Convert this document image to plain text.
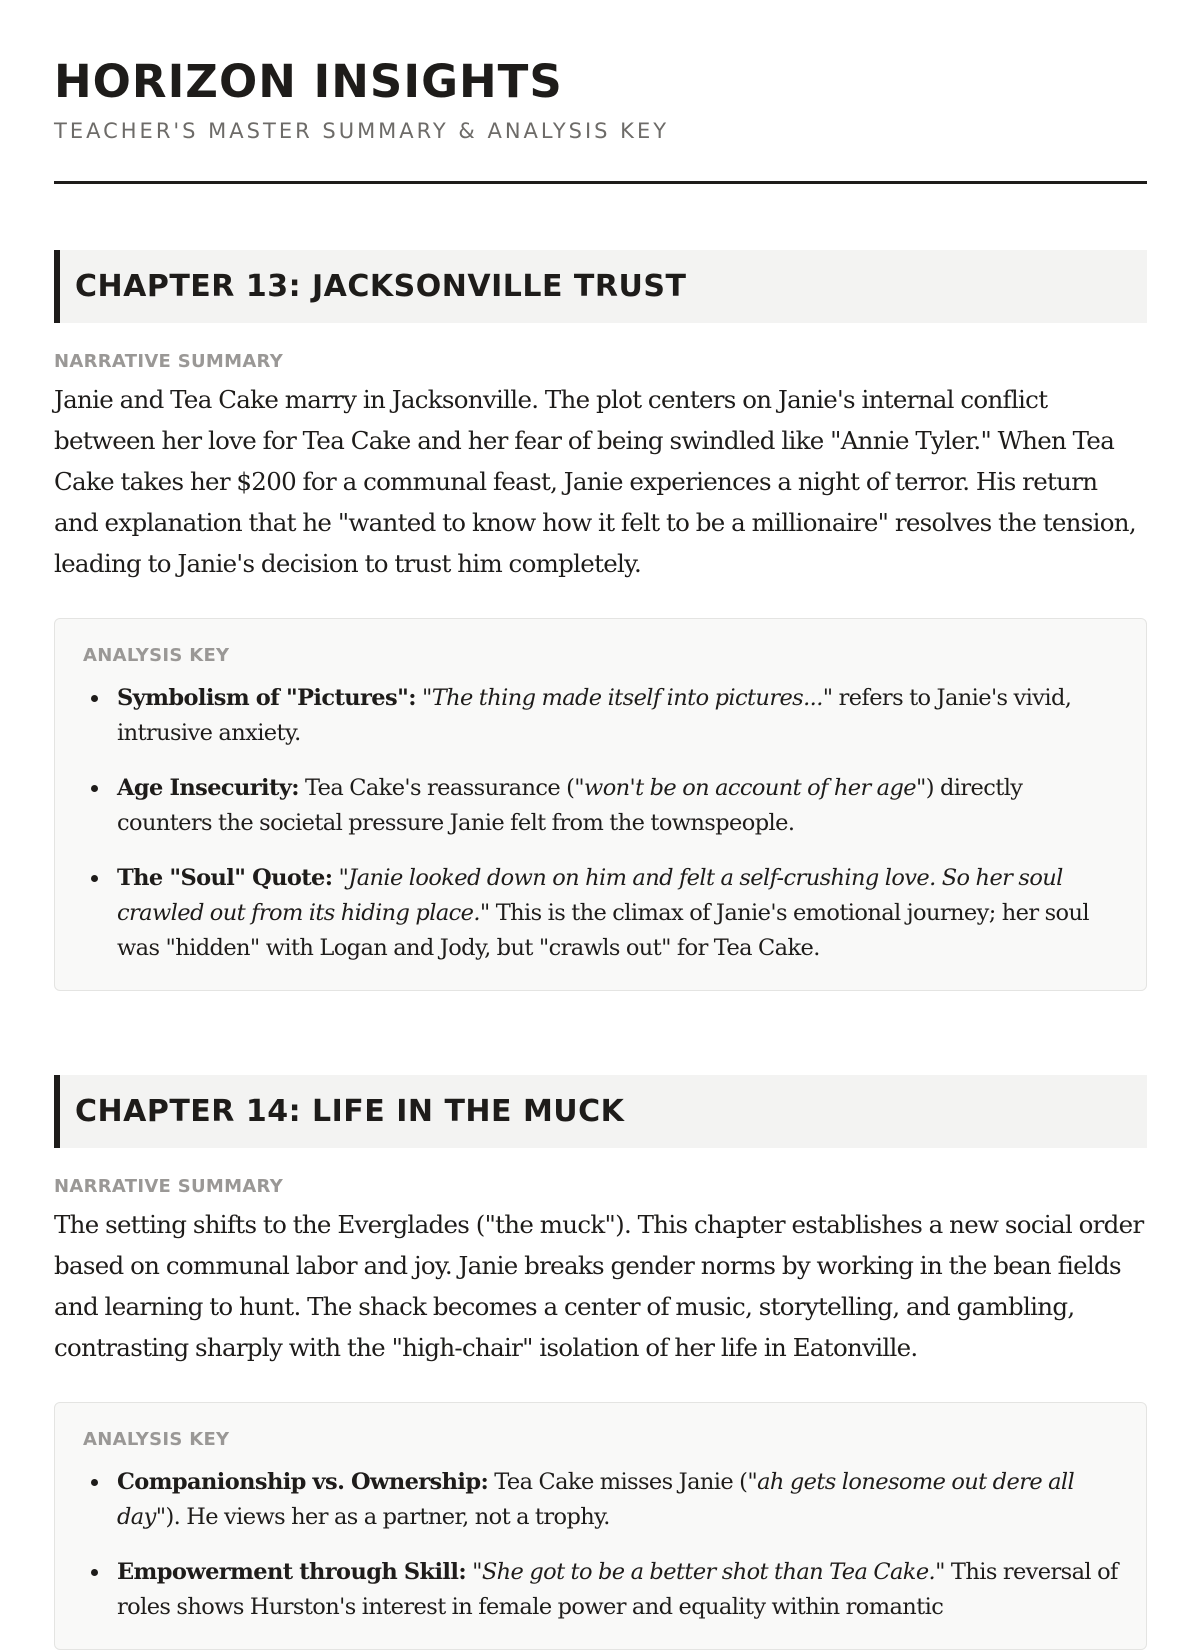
HORIZON INSIGHTS
TEACHER'S MASTER SUMMARY & ANALYSIS KEY
CHAPTER 13: JACKSONVILLE TRUST
NARRATIVE SUMMARY

Janie and Tea Cake marry in Jacksonville. The plot centers on Janie's internal conflict between her love for Tea Cake and her fear of being swindled like "Annie Tyler." When Tea Cake takes her $200 for a communal feast, Janie experiences a night of terror. His return and explanation that he "wanted to know how it felt to be a millionaire" resolves the tension, leading to Janie's decision to trust him completely.

ANALYSIS KEY
Symbolism of "Pictures": "The thing made itself into pictures..." refers to Janie's vivid, intrusive anxiety.
Age Insecurity: Tea Cake's reassurance ("won't be on account of her age") directly counters the societal pressure Janie felt from the townspeople.
The "Soul" Quote: "Janie looked down on him and felt a self-crushing love. So her soul crawled out from its hiding place." This is the climax of Janie's emotional journey; her soul was "hidden" with Logan and Jody, but "crawls out" for Tea Cake.
CHAPTER 14: LIFE IN THE MUCK
NARRATIVE SUMMARY

The setting shifts to the Everglades ("the muck"). This chapter establishes a new social order based on communal labor and joy. Janie breaks gender norms by working in the bean fields and learning to hunt. The shack becomes a center of music, storytelling, and gambling, contrasting sharply with the "high-chair" isolation of her life in Eatonville.

ANALYSIS KEY
Companionship vs. Ownership: Tea Cake misses Janie ("ah gets lonesome out dere all day"). He views her as a partner, not a trophy.
Empowerment through Skill: "She got to be a better shot than Tea Cake." This reversal of roles shows Hurston's interest in female power and equality within romantic
